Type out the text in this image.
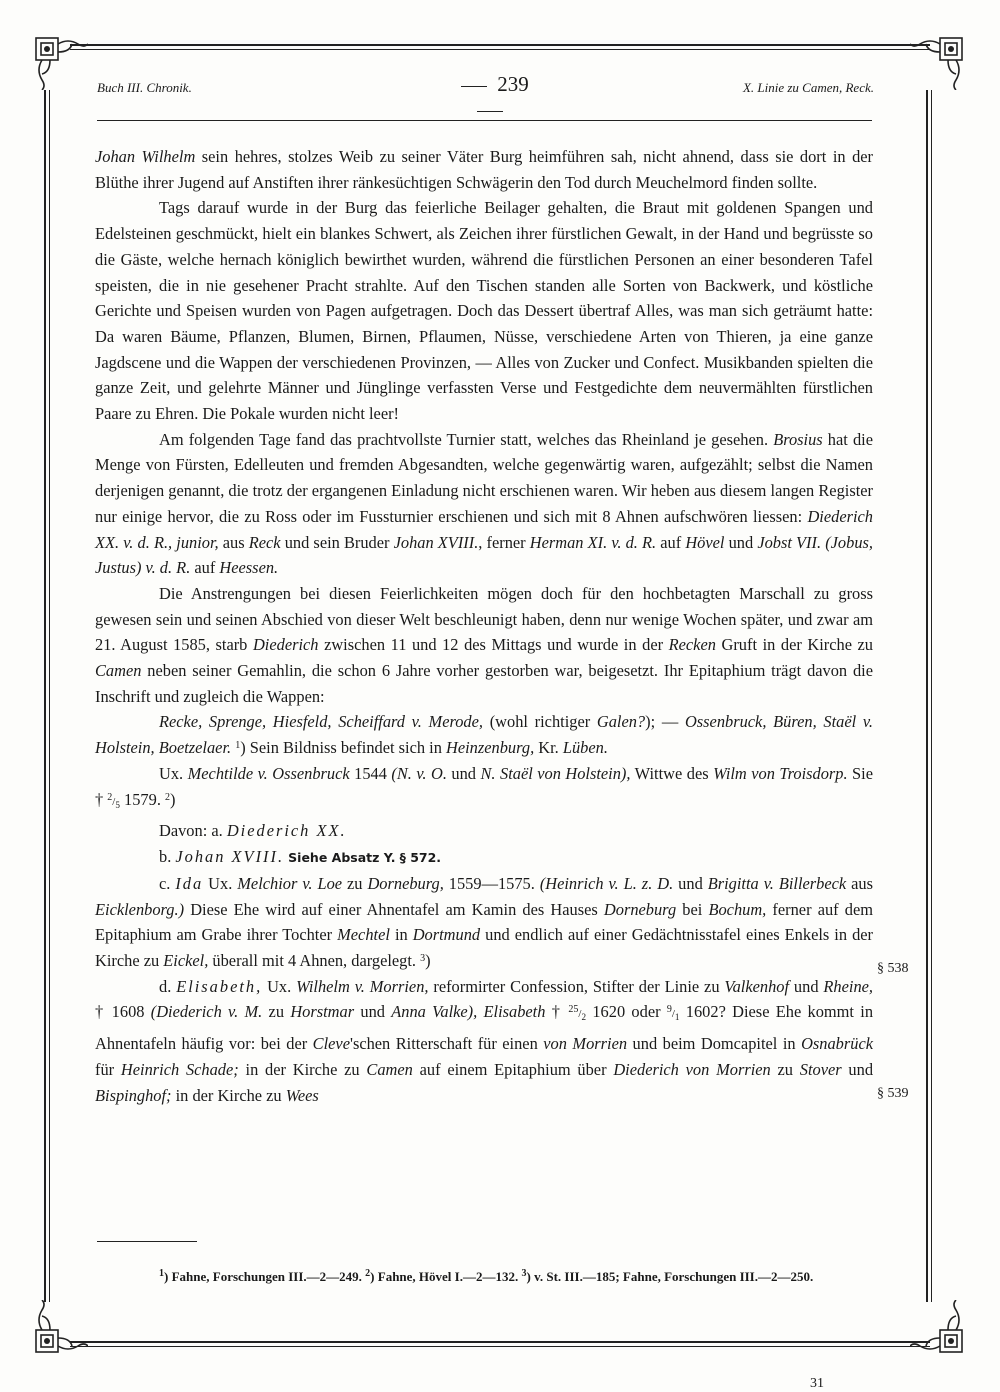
Buch III. Chronik.	239	X. Linie zu Camen, Reck.

Johan Wilhelm sein hehres, stolzes Weib zu seiner Väter Burg heimführen sah, nicht ahnend, dass sie dort in der Blüthe ihrer Jugend auf Anstiften ihrer ränkesüchtigen Schwägerin den Tod durch Meuchelmord finden sollte.

Tags darauf wurde in der Burg das feierliche Beilager gehalten, die Braut mit goldenen Spangen und Edelsteinen geschmückt, hielt ein blankes Schwert, als Zeichen ihrer fürstlichen Gewalt, in der Hand und begrüsste so die Gäste, welche hernach königlich bewirthet wurden, während die fürstlichen Personen an einer besonderen Tafel speisten, die in nie gesehener Pracht strahlte. Auf den Tischen standen alle Sorten von Backwerk, und köstliche Gerichte und Speisen wurden von Pagen aufgetragen. Doch das Dessert übertraf Alles, was man sich geträumt hatte: Da waren Bäume, Pflanzen, Blumen, Birnen, Pflaumen, Nüsse, verschiedene Arten von Thieren, ja eine ganze Jagdscene und die Wappen der verschiedenen Provinzen, — Alles von Zucker und Confect. Musikbanden spielten die ganze Zeit, und gelehrte Männer und Jünglinge verfassten Verse und Festgedichte dem neuvermählten fürstlichen Paare zu Ehren. Die Pokale wurden nicht leer!

Am folgenden Tage fand das prachtvollste Turnier statt, welches das Rheinland je gesehen. Brosius hat die Menge von Fürsten, Edelleuten und fremden Abgesandten, welche gegenwärtig waren, aufgezählt; selbst die Namen derjenigen genannt, die trotz der ergangenen Einladung nicht erschienen waren. Wir heben aus diesem langen Register nur einige hervor, die zu Ross oder im Fussturnier erschienen und sich mit 8 Ahnen aufschwören liessen: Diederich XX. v. d. R., junior, aus Reck und sein Bruder Johan XVIII., ferner Herman XI. v. d. R. auf Hövel und Jobst VII. (Jobus, Justus) v. d. R. auf Heessen.

Die Anstrengungen bei diesen Feierlichkeiten mögen doch für den hochbetagten Marschall zu gross gewesen sein und seinen Abschied von dieser Welt beschleunigt haben, denn nur wenige Wochen später, und zwar am 21. August 1585, starb Diederich zwischen 11 und 12 des Mittags und wurde in der Recken Gruft in der Kirche zu Camen neben seiner Gemahlin, die schon 6 Jahre vorher gestorben war, beigesetzt. Ihr Epitaphium trägt davon die Inschrift und zugleich die Wappen:

Recke, Sprenge, Hiesfeld, Scheiffard v. Merode, (wohl richtiger Galen?); — Ossenbruck, Büren, Staël v. Holstein, Boetzelaer. $^1$) Sein Bildniss befindet sich in Heinzenburg, Kr. Lüben.

Ux. Mechtilde v. Ossenbruck 1544 (N. v. O. und N. Staël von Holstein), Wittwe des Wilm von Troisdorp. Sie † $^2/_5$ 1579. $^2$)

Davon: a. Diederich XX.

b. Johan XVIII. Siehe Absatz Y. § 572.

c. Ida Ux. Melchior v. Loe zu Dorneburg, 1559—1575. (Heinrich v. L. z. D. und Brigitta v. Billerbeck aus Eicklenborg.) Diese Ehe wird auf einer Ahnentafel am Kamin des Hauses Dorneburg bei Bochum, ferner auf dem Epitaphium am Grabe ihrer Tochter Mechtel in Dortmund und endlich auf einer Gedächtnisstafel eines Enkels in der Kirche zu Eickel, überall mit 4 Ahnen, dargelegt. $^3$)

d. Elisabeth, Ux. Wilhelm v. Morrien, reformirter Confession, Stifter der Linie zu Valkenhof und Rheine, † 1608 (Diederich v. M. zu Horstmar und Anna Valke), Elisabeth † $^{25}/_2$ 1620 oder $^9/_1$ 1602? Diese Ehe kommt in Ahnentafeln häufig vor: bei der Cleve'schen Ritterschaft für einen von Morrien und beim Domcapitel in Osnabrück für Heinrich Schade; in der Kirche zu Camen auf einem Epitaphium über Diederich von Morrien zu Stover und Bispinghof; in der Kirche zu Wees

§ 538
§ 539

$^1$) Fahne, Forschungen III.—2—249. $^2$) Fahne, Hövel I.—2—132. $^3$) v. St. III.—185; Fahne, Forschungen III.—2—250.

31
